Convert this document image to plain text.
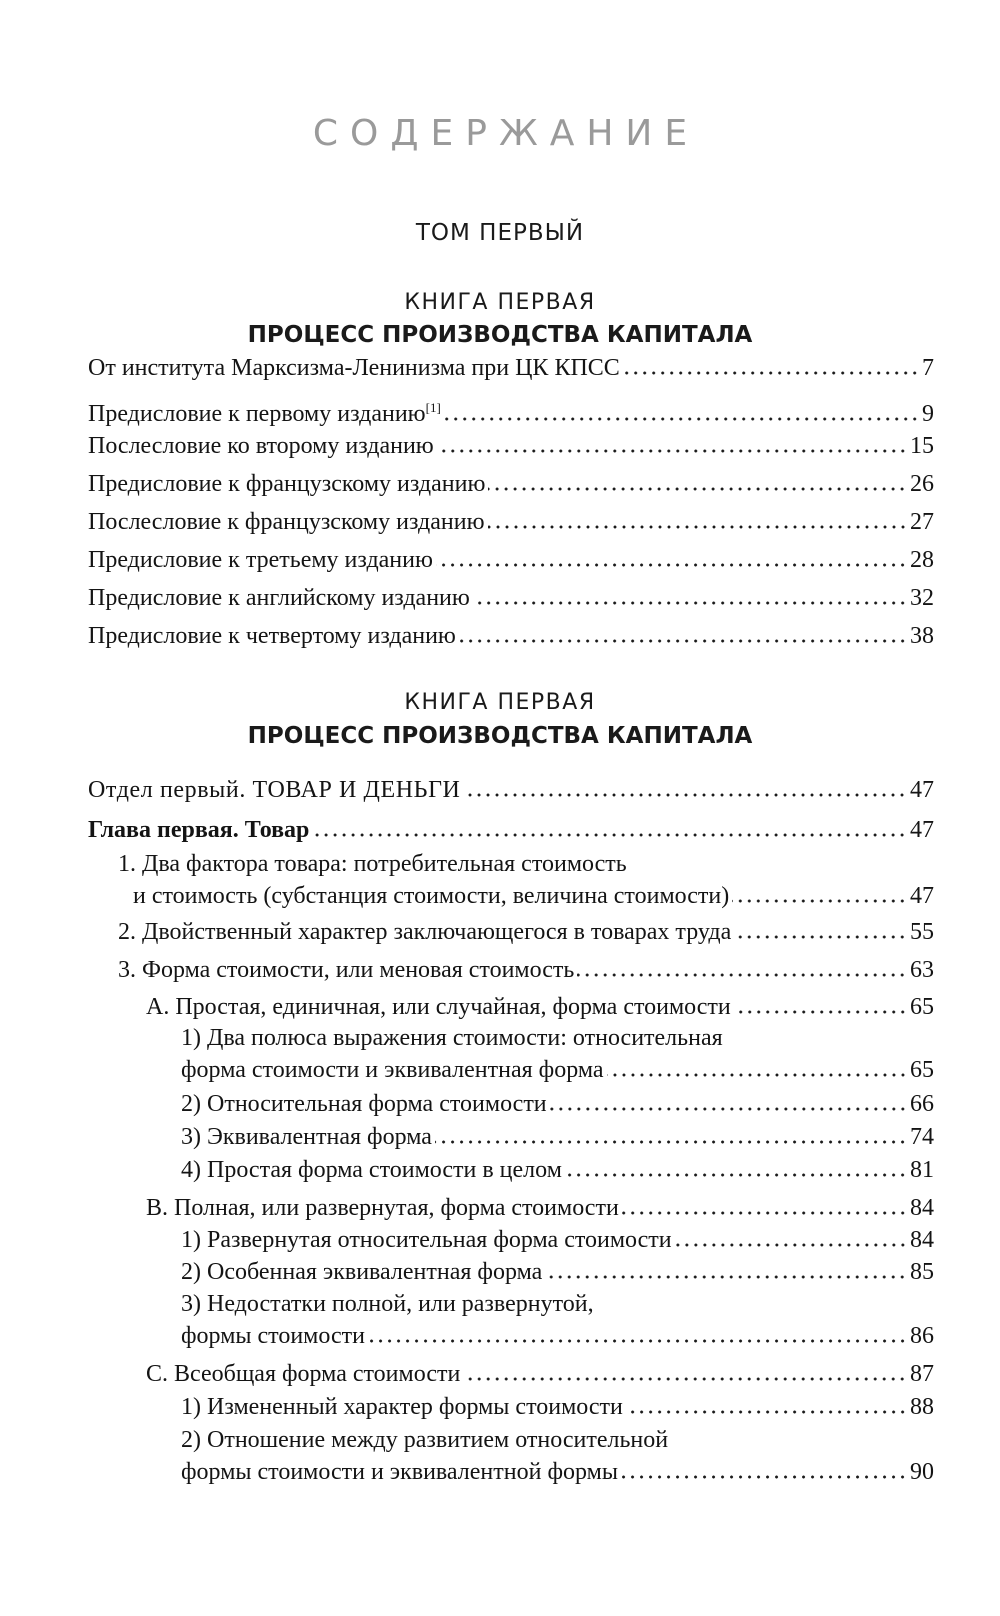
СОДЕРЖАНИЕ
ТОМ ПЕРВЫЙ
КНИГА ПЕРВАЯ
ПРОЦЕСС ПРОИЗВОДСТВА КАПИТАЛА
От института Марксизма-Ленинизма при ЦК КПСС	7
Предисловие к первому изданию[1]	9
Послесловие ко второму изданию	15
Предисловие к французскому изданию	26
Послесловие к французскому изданию	27
Предисловие к третьему изданию	28
Предисловие к английскому изданию	32
Предисловие к четвертому изданию	38
КНИГА ПЕРВАЯ
ПРОЦЕСС ПРОИЗВОДСТВА КАПИТАЛА
Отдел первый. ТОВАР И ДЕНЬГИ	47
Глава первая. Товар	47
1. Два фактора товара: потребительная стоимость
и стоимость (субстанция стоимости, величина стоимости)	47
2. Двойственный характер заключающегося в товарах труда	55
3. Форма стоимости, или меновая стоимость	63
А. Простая, единичная, или случайная, форма стоимости	65
1) Два полюса выражения стоимости: относительная
форма стоимости и эквивалентная форма	65
2) Относительная форма стоимости	66
3) Эквивалентная форма	74
4) Простая форма стоимости в целом	81
B. Полная, или развернутая, форма стоимости	84
1) Развернутая относительная форма стоимости	84
2) Особенная эквивалентная форма	85
3) Недостатки полной, или развернутой,
формы стоимости	86
С. Всеобщая форма стоимости	87
1) Измененный характер формы стоимости	88
2) Отношение между развитием относительной
формы стоимости и эквивалентной формы	90
